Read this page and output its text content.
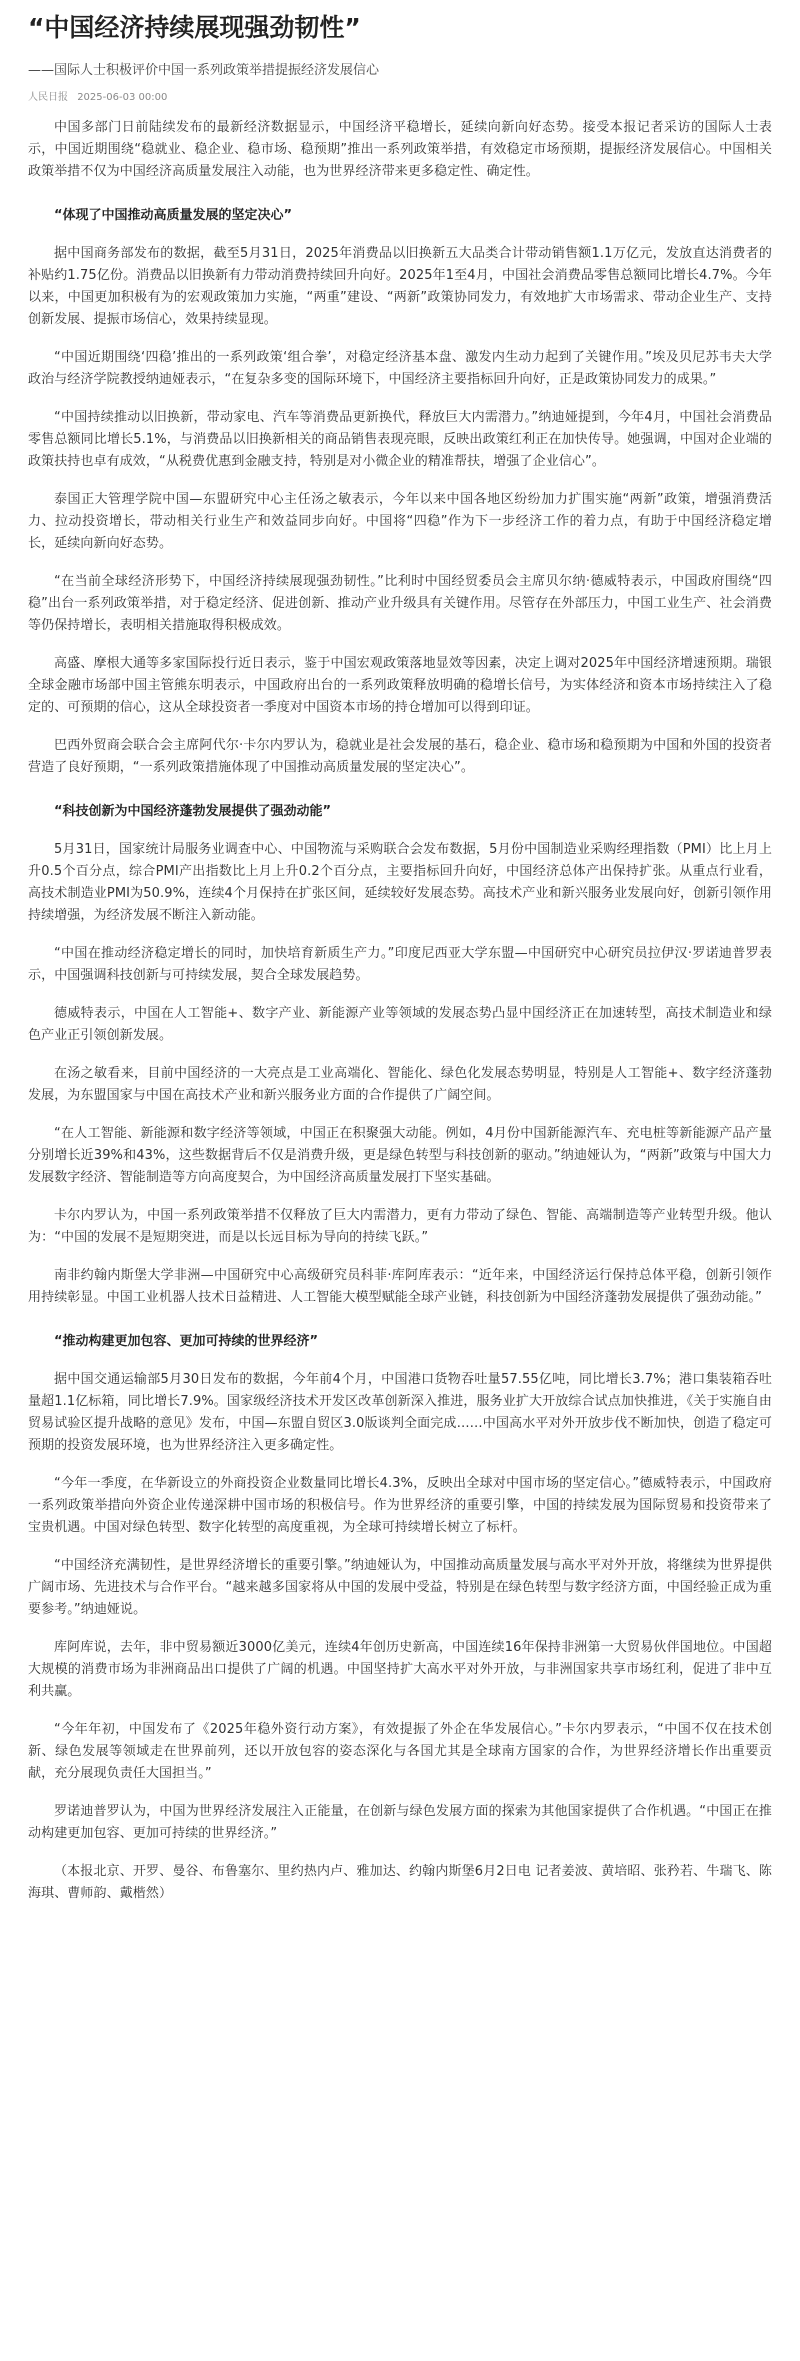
“中国经济持续展现强劲韧性”
——国际人士积极评价中国一系列政策举措提振经济发展信心
人民日报 2025-06-03 00:00
中国多部门日前陆续发布的最新经济数据显示，中国经济平稳增长，延续向新向好态势。接受本报记者采访的国际人士表示，中国近期围绕“稳就业、稳企业、稳市场、稳预期”推出一系列政策举措，有效稳定市场预期，提振经济发展信心。中国相关政策举措不仅为中国经济高质量发展注入动能，也为世界经济带来更多稳定性、确定性。
“体现了中国推动高质量发展的坚定决心”
据中国商务部发布的数据，截至5月31日，2025年消费品以旧换新五大品类合计带动销售额1.1万亿元，发放直达消费者的补贴约1.75亿份。消费品以旧换新有力带动消费持续回升向好。2025年1至4月，中国社会消费品零售总额同比增长4.7%。今年以来，中国更加积极有为的宏观政策加力实施，“两重”建设、“两新”政策协同发力，有效地扩大市场需求、带动企业生产、支持创新发展、提振市场信心，效果持续显现。
“中国近期围绕‘四稳’推出的一系列政策‘组合拳’，对稳定经济基本盘、激发内生动力起到了关键作用。”埃及贝尼苏韦夫大学政治与经济学院教授纳迪娅表示，“在复杂多变的国际环境下，中国经济主要指标回升向好，正是政策协同发力的成果。”
“中国持续推动以旧换新，带动家电、汽车等消费品更新换代，释放巨大内需潜力。”纳迪娅提到，今年4月，中国社会消费品零售总额同比增长5.1%，与消费品以旧换新相关的商品销售表现亮眼，反映出政策红利正在加快传导。她强调，中国对企业端的政策扶持也卓有成效，“从税费优惠到金融支持，特别是对小微企业的精准帮扶，增强了企业信心”。
泰国正大管理学院中国—东盟研究中心主任汤之敏表示，今年以来中国各地区纷纷加力扩围实施“两新”政策，增强消费活力、拉动投资增长，带动相关行业生产和效益同步向好。中国将“四稳”作为下一步经济工作的着力点，有助于中国经济稳定增长，延续向新向好态势。
“在当前全球经济形势下，中国经济持续展现强劲韧性。”比利时中国经贸委员会主席贝尔纳·德威特表示，中国政府围绕“四稳”出台一系列政策举措，对于稳定经济、促进创新、推动产业升级具有关键作用。尽管存在外部压力，中国工业生产、社会消费等仍保持增长，表明相关措施取得积极成效。
高盛、摩根大通等多家国际投行近日表示，鉴于中国宏观政策落地显效等因素，决定上调对2025年中国经济增速预期。瑞银全球金融市场部中国主管熊东明表示，中国政府出台的一系列政策释放明确的稳增长信号，为实体经济和资本市场持续注入了稳定的、可预期的信心，这从全球投资者一季度对中国资本市场的持仓增加可以得到印证。
巴西外贸商会联合会主席阿代尔·卡尔内罗认为，稳就业是社会发展的基石，稳企业、稳市场和稳预期为中国和外国的投资者营造了良好预期，“一系列政策措施体现了中国推动高质量发展的坚定决心”。
“科技创新为中国经济蓬勃发展提供了强劲动能”
5月31日，国家统计局服务业调查中心、中国物流与采购联合会发布数据，5月份中国制造业采购经理指数（PMI）比上月上升0.5个百分点，综合PMI产出指数比上月上升0.2个百分点，主要指标回升向好，中国经济总体产出保持扩张。从重点行业看，高技术制造业PMI为50.9%，连续4个月保持在扩张区间，延续较好发展态势。高技术产业和新兴服务业发展向好，创新引领作用持续增强，为经济发展不断注入新动能。
“中国在推动经济稳定增长的同时，加快培育新质生产力。”印度尼西亚大学东盟—中国研究中心研究员拉伊汉·罗诺迪普罗表示，中国强调科技创新与可持续发展，契合全球发展趋势。
德威特表示，中国在人工智能+、数字产业、新能源产业等领域的发展态势凸显中国经济正在加速转型，高技术制造业和绿色产业正引领创新发展。
在汤之敏看来，目前中国经济的一大亮点是工业高端化、智能化、绿色化发展态势明显，特别是人工智能+、数字经济蓬勃发展，为东盟国家与中国在高技术产业和新兴服务业方面的合作提供了广阔空间。
“在人工智能、新能源和数字经济等领域，中国正在积聚强大动能。例如，4月份中国新能源汽车、充电桩等新能源产品产量分别增长近39%和43%，这些数据背后不仅是消费升级，更是绿色转型与科技创新的驱动。”纳迪娅认为，“两新”政策与中国大力发展数字经济、智能制造等方向高度契合，为中国经济高质量发展打下坚实基础。
卡尔内罗认为，中国一系列政策举措不仅释放了巨大内需潜力，更有力带动了绿色、智能、高端制造等产业转型升级。他认为：“中国的发展不是短期突进，而是以长远目标为导向的持续飞跃。”
南非约翰内斯堡大学非洲—中国研究中心高级研究员科菲·库阿库表示：“近年来，中国经济运行保持总体平稳，创新引领作用持续彰显。中国工业机器人技术日益精进、人工智能大模型赋能全球产业链，科技创新为中国经济蓬勃发展提供了强劲动能。”
“推动构建更加包容、更加可持续的世界经济”
据中国交通运输部5月30日发布的数据，今年前4个月，中国港口货物吞吐量57.55亿吨，同比增长3.7%；港口集装箱吞吐量超1.1亿标箱，同比增长7.9%。国家级经济技术开发区改革创新深入推进，服务业扩大开放综合试点加快推进，《关于实施自由贸易试验区提升战略的意见》发布，中国—东盟自贸区3.0版谈判全面完成……中国高水平对外开放步伐不断加快，创造了稳定可预期的投资发展环境，也为世界经济注入更多确定性。
“今年一季度，在华新设立的外商投资企业数量同比增长4.3%，反映出全球对中国市场的坚定信心。”德威特表示，中国政府一系列政策举措向外资企业传递深耕中国市场的积极信号。作为世界经济的重要引擎，中国的持续发展为国际贸易和投资带来了宝贵机遇。中国对绿色转型、数字化转型的高度重视，为全球可持续增长树立了标杆。
“中国经济充满韧性，是世界经济增长的重要引擎。”纳迪娅认为，中国推动高质量发展与高水平对外开放，将继续为世界提供广阔市场、先进技术与合作平台。“越来越多国家将从中国的发展中受益，特别是在绿色转型与数字经济方面，中国经验正成为重要参考。”纳迪娅说。
库阿库说，去年，非中贸易额近3000亿美元，连续4年创历史新高，中国连续16年保持非洲第一大贸易伙伴国地位。中国超大规模的消费市场为非洲商品出口提供了广阔的机遇。中国坚持扩大高水平对外开放，与非洲国家共享市场红利，促进了非中互利共赢。
“今年年初，中国发布了《2025年稳外资行动方案》，有效提振了外企在华发展信心。”卡尔内罗表示，“中国不仅在技术创新、绿色发展等领域走在世界前列，还以开放包容的姿态深化与各国尤其是全球南方国家的合作，为世界经济增长作出重要贡献，充分展现负责任大国担当。”
罗诺迪普罗认为，中国为世界经济发展注入正能量，在创新与绿色发展方面的探索为其他国家提供了合作机遇。“中国正在推动构建更加包容、更加可持续的世界经济。”
（本报北京、开罗、曼谷、布鲁塞尔、里约热内卢、雅加达、约翰内斯堡6月2日电 记者姜波、黄培昭、张矜若、牛瑞飞、陈海琪、曹师韵、戴楷然）
